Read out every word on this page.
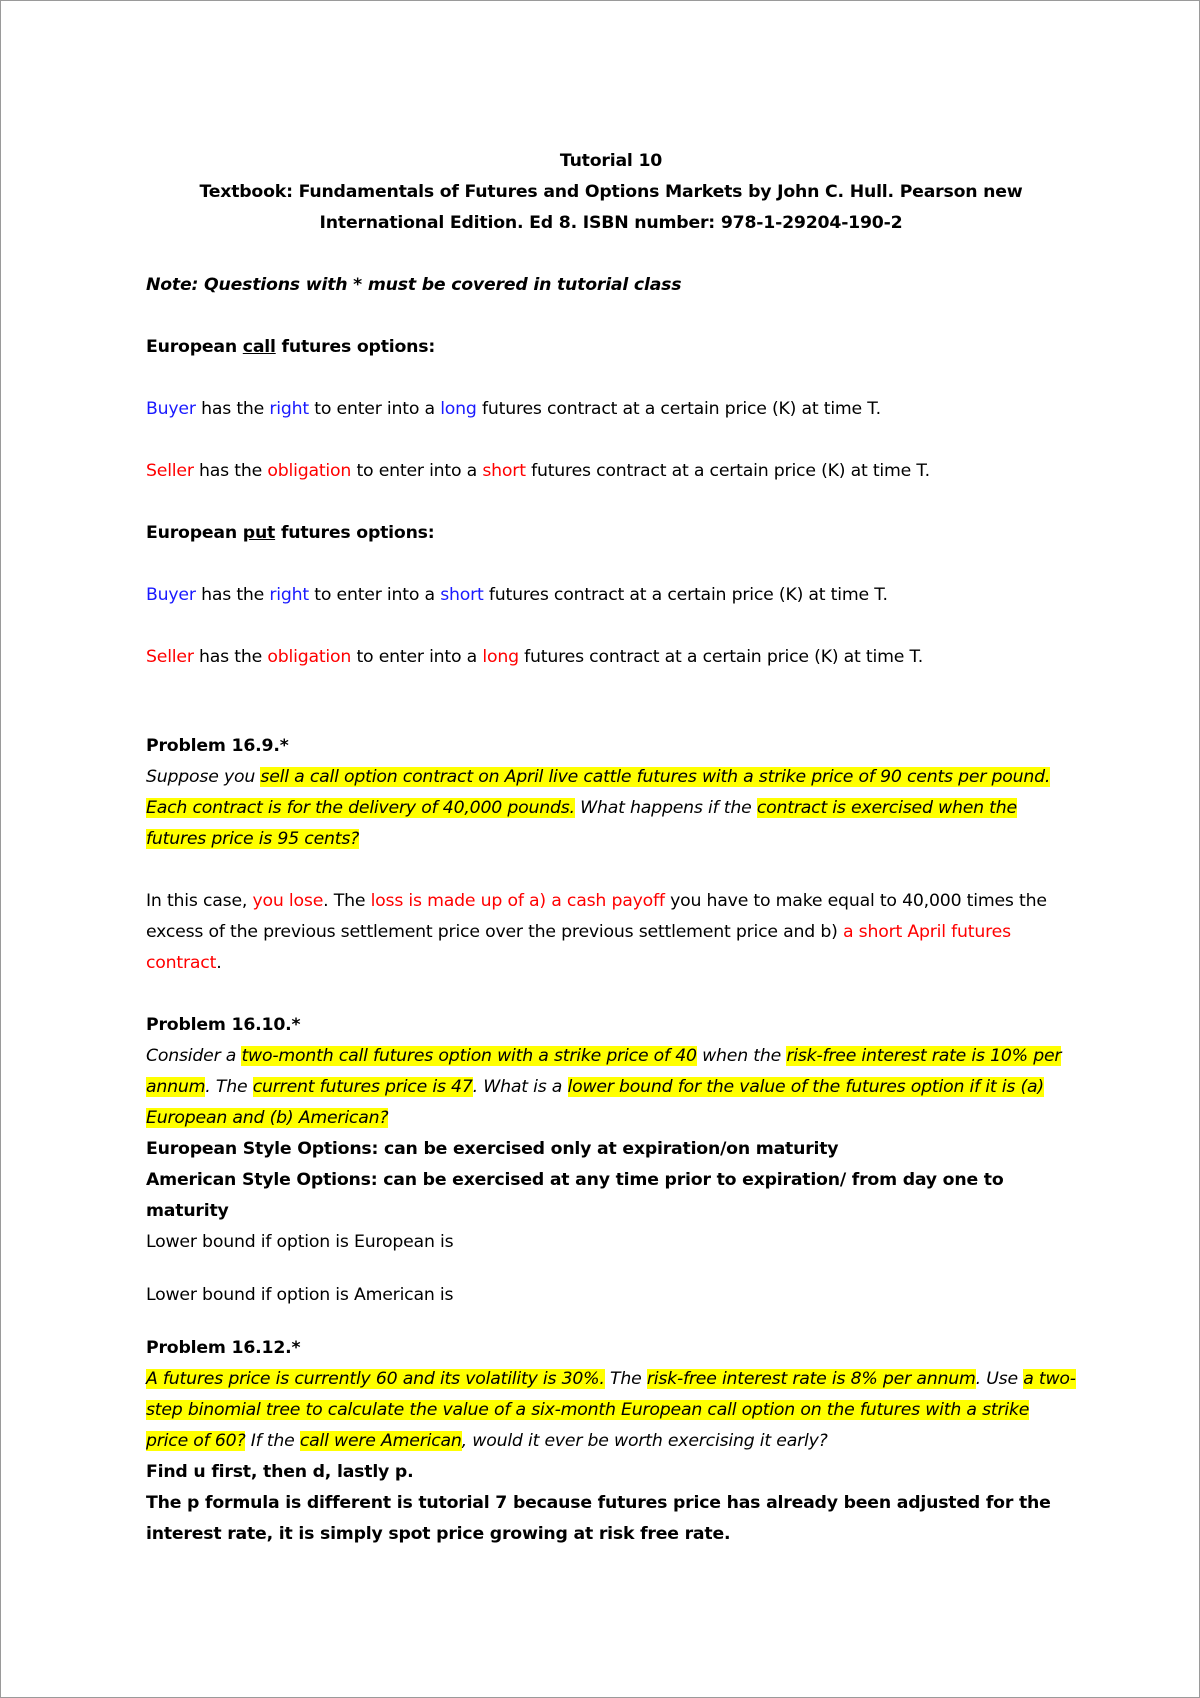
Tutorial 10

Textbook: Fundamentals of Futures and Options Markets by John C. Hull. Pearson new

International Edition. Ed 8. ISBN number: 978-1-29204-190-2

Note: Questions with * must be covered in tutorial class

European call futures options:

Buyer has the right to enter into a long futures contract at a certain price (K) at time T.

Seller has the obligation to enter into a short futures contract at a certain price (K) at time T.

European put futures options:

Buyer has the right to enter into a short futures contract at a certain price (K) at time T.

Seller has the obligation to enter into a long futures contract at a certain price (K) at time T.

Problem 16.9.*

Suppose you sell a call option contract on April live cattle futures with a strike price of 90 cents per pound. Each contract is for the delivery of 40,000 pounds. What happens if the contract is exercised when the futures price is 95 cents?

In this case, you lose. The loss is made up of a) a cash payoff you have to make equal to 40,000 times the excess of the previous settlement price over the previous settlement price and b) a short April futures contract.

Problem 16.10.*

Consider a two-month call futures option with a strike price of 40 when the risk-free interest rate is 10% per annum. The current futures price is 47. What is a lower bound for the value of the futures option if it is (a) European and (b) American?

European Style Options: can be exercised only at expiration/on maturity

American Style Options: can be exercised at any time prior to expiration/ from day one to maturity

Lower bound if option is European is

Lower bound if option is American is

Problem 16.12.*

A futures price is currently 60 and its volatility is 30%. The risk-free interest rate is 8% per annum. Use a two-step binomial tree to calculate the value of a six-month European call option on the futures with a strike price of 60? If the call were American, would it ever be worth exercising it early?

Find u first, then d, lastly p.

The p formula is different is tutorial 7 because futures price has already been adjusted for the interest rate, it is simply spot price growing at risk free rate.
